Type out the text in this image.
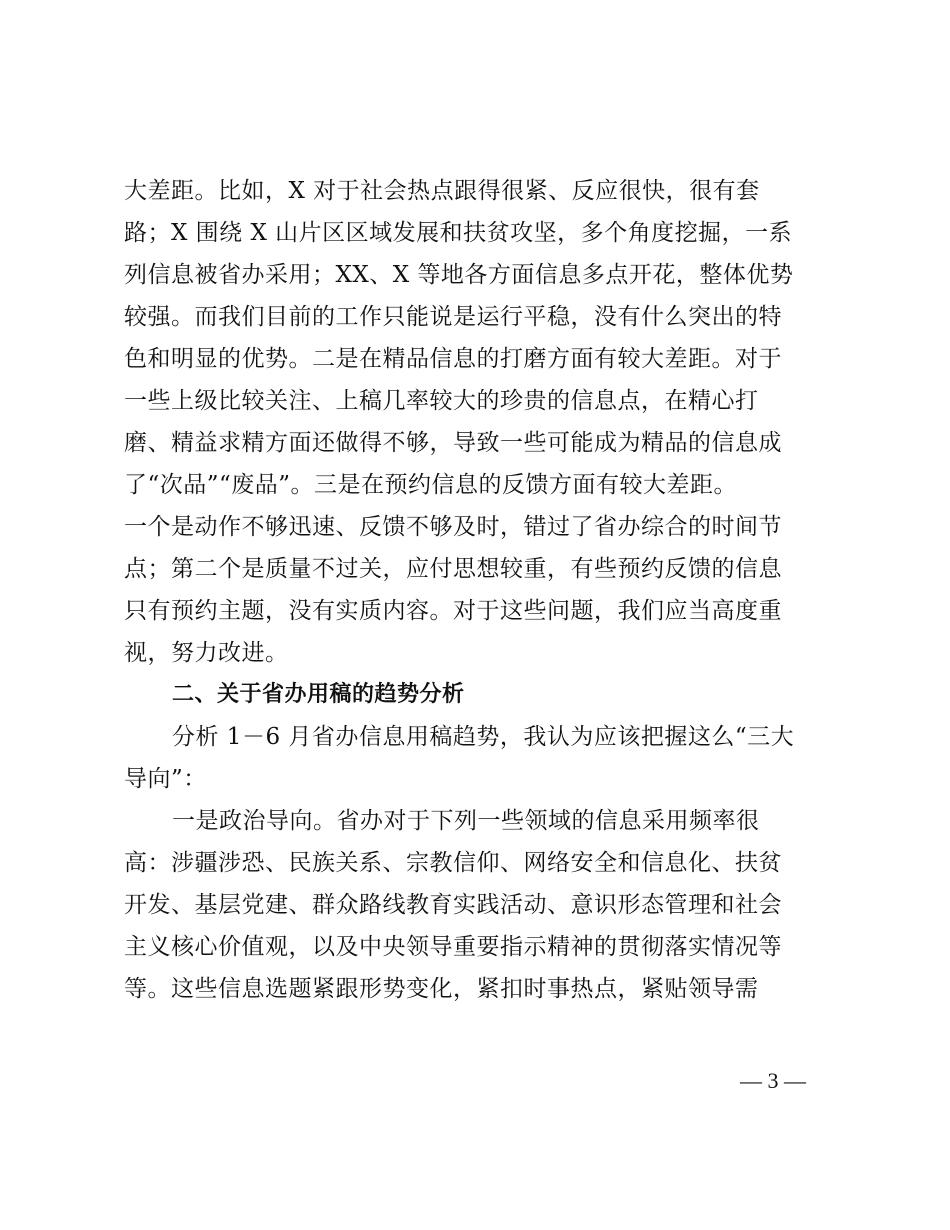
大差距。比如，X 对于社会热点跟得很紧、反应很快，很有套
路；X 围绕 X 山片区区域发展和扶贫攻坚，多个角度挖掘，一系
列信息被省办采用；XX、X 等地各方面信息多点开花，整体优势
较强。而我们目前的工作只能说是运行平稳，没有什么突出的特
色和明显的优势。二是在精品信息的打磨方面有较大差距。对于
一些上级比较关注、上稿几率较大的珍贵的信息点，在精心打
磨、精益求精方面还做得不够，导致一些可能成为精品的信息成
了“次品”“废品”。三是在预约信息的反馈方面有较大差距。
一个是动作不够迅速、反馈不够及时，错过了省办综合的时间节
点；第二个是质量不过关，应付思想较重，有些预约反馈的信息
只有预约主题，没有实质内容。对于这些问题，我们应当高度重
视，努力改进。
二、关于省办用稿的趋势分析
分析 1－6 月省办信息用稿趋势，我认为应该把握这么“三大
导向”：
一是政治导向。省办对于下列一些领域的信息采用频率很
高：涉疆涉恐、民族关系、宗教信仰、网络安全和信息化、扶贫
开发、基层党建、群众路线教育实践活动、意识形态管理和社会
主义核心价值观，以及中央领导重要指示精神的贯彻落实情况等
等。这些信息选题紧跟形势变化，紧扣时事热点，紧贴领导需
— 3 —
